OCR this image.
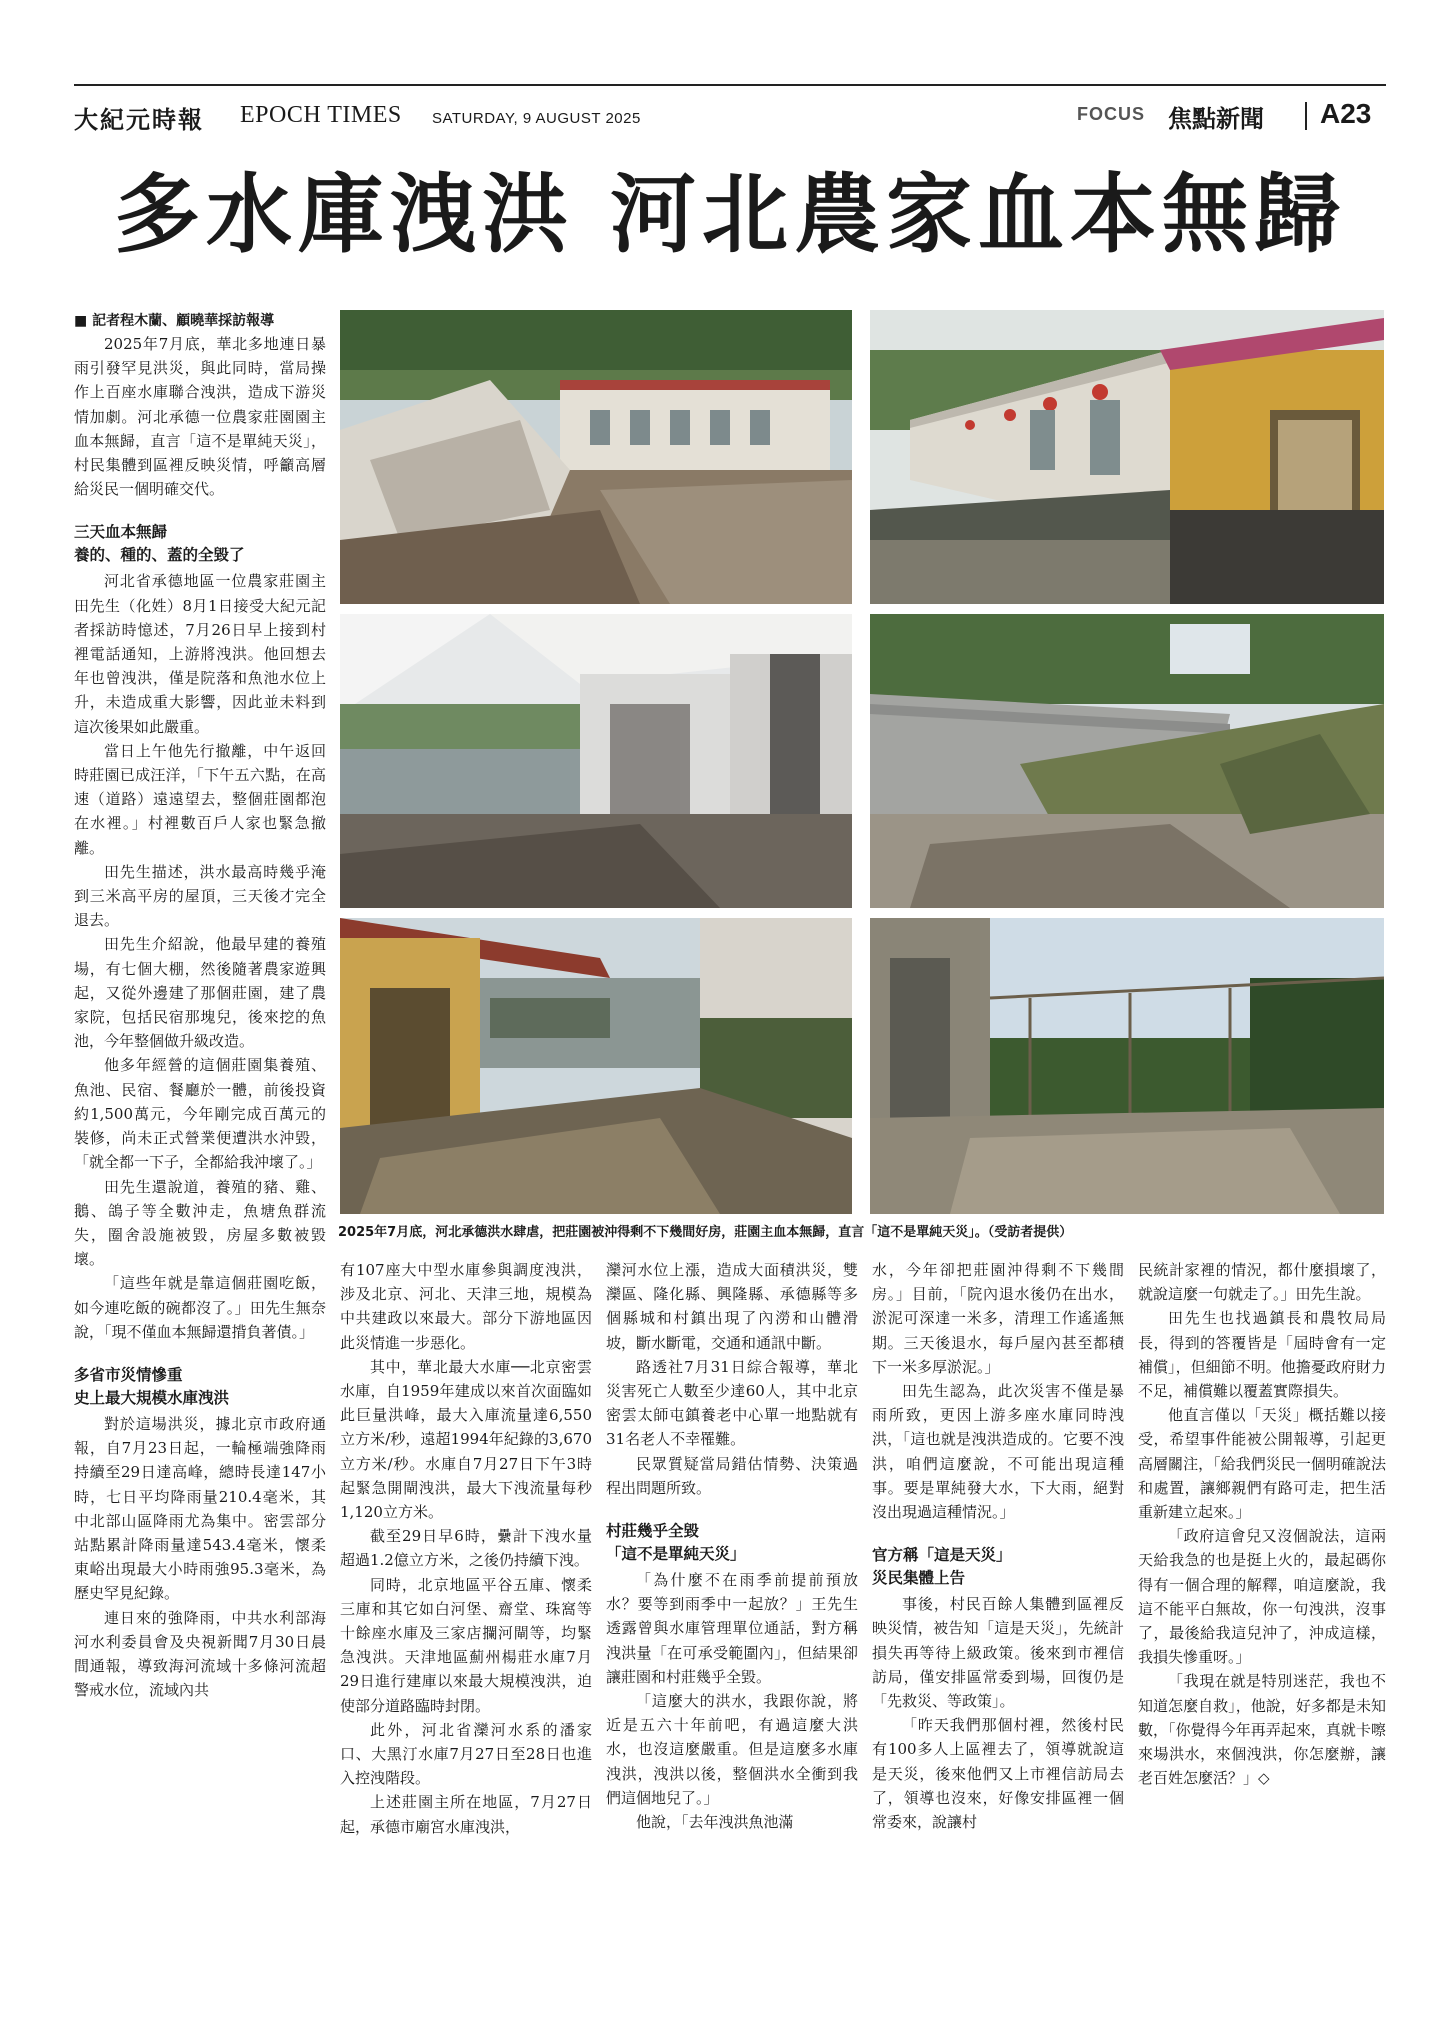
大紀元時報 EPOCH TIMES SATURDAY, 9 AUGUST 2025	FOCUS 焦點新聞 A23
多水庫洩洪 河北農家血本無歸
2025年7月底，河北承德洪水肆虐，把莊園被沖得剩不下幾間好房，莊園主血本無歸，直言「這不是單純天災」。（受訪者提供）
■ 記者程木蘭、顧曉華採訪報導

2025年7月底，華北多地連日暴雨引發罕見洪災，與此同時，當局操作上百座水庫聯合洩洪，造成下游災情加劇。河北承德一位農家莊園園主血本無歸，直言「這不是單純天災」，村民集體到區裡反映災情，呼籲高層給災民一個明確交代。

三天血本無歸
養的、種的、蓋的全毀了

河北省承德地區一位農家莊園主田先生（化姓）8月1日接受大紀元記者採訪時憶述，7月26日早上接到村裡電話通知，上游將洩洪。他回想去年也曾洩洪，僅是院落和魚池水位上升，未造成重大影響，因此並未料到這次後果如此嚴重。

當日上午他先行撤離，中午返回時莊園已成汪洋，「下午五六點，在高速（道路）遠遠望去，整個莊園都泡在水裡。」村裡數百戶人家也緊急撤離。

田先生描述，洪水最高時幾乎淹到三米高平房的屋頂，三天後才完全退去。

田先生介紹說，他最早建的養殖場，有七個大棚，然後隨著農家遊興起，又從外邊建了那個莊園，建了農家院，包括民宿那塊兒，後來挖的魚池，今年整個做升級改造。

他多年經營的這個莊園集養殖、魚池、民宿、餐廳於一體，前後投資約1,500萬元，今年剛完成百萬元的裝修，尚未正式營業便遭洪水沖毀，「就全都一下子，全都給我沖壞了。」

田先生還說道，養殖的豬、雞、鵝、鴿子等全數沖走，魚塘魚群流失，圈舍設施被毀，房屋多數被毀壞。

「這些年就是靠這個莊園吃飯，如今連吃飯的碗都沒了。」田先生無奈說，「現不僅血本無歸還揹負著債。」

多省市災情慘重
史上最大規模水庫洩洪

對於這場洪災，據北京市政府通報，自7月23日起，一輪極端強降雨持續至29日達高峰，總時長達147小時，七日平均降雨量210.4毫米，其中北部山區降雨尤為集中。密雲部分站點累計降雨量達543.4毫米，懷柔東峪出現最大小時雨強95.3毫米，為歷史罕見紀錄。

連日來的強降雨，中共水利部海河水利委員會及央視新聞7月30日晨間通報，導致海河流域十多條河流超警戒水位，流域內共

有107座大中型水庫參與調度洩洪，涉及北京、河北、天津三地，規模為中共建政以來最大。部分下游地區因此災情進一步惡化。

其中，華北最大水庫──北京密雲水庫，自1959年建成以來首次面臨如此巨量洪峰，最大入庫流量達6,550立方米/秒，遠超1994年紀錄的3,670立方米/秒。水庫自7月27日下午3時起緊急開閘洩洪，最大下洩流量每秒1,120立方米。

截至29日早6時，纍計下洩水量超過1.2億立方米，之後仍持續下洩。

同時，北京地區平谷五庫、懷柔三庫和其它如白河堡、齋堂、珠窩等十餘座水庫及三家店攔河閘等，均緊急洩洪。天津地區薊州楊莊水庫7月29日進行建庫以來最大規模洩洪，迫使部分道路臨時封閉。

此外，河北省灤河水系的潘家口、大黑汀水庫7月27日至28日也進入控洩階段。

上述莊園主所在地區，7月27日起，承德市廟宮水庫洩洪，

灤河水位上漲，造成大面積洪災，雙灤區、隆化縣、興隆縣、承德縣等多個縣城和村鎮出現了內澇和山體滑坡，斷水斷電，交通和通訊中斷。

路透社7月31日綜合報導，華北災害死亡人數至少達60人，其中北京密雲太師屯鎮養老中心單一地點就有31名老人不幸罹難。

民眾質疑當局錯估情勢、決策過程出問題所致。

村莊幾乎全毀
「這不是單純天災」

「為什麼不在雨季前提前預放水？要等到雨季中一起放？」王先生透露曾與水庫管理單位通話，對方稱洩洪量「在可承受範圍內」，但結果卻讓莊園和村莊幾乎全毀。

「這麼大的洪水，我跟你說，將近是五六十年前吧，有過這麼大洪水，也沒這麼嚴重。但是這麼多水庫洩洪，洩洪以後，整個洪水全衝到我們這個地兒了。」

他說，「去年洩洪魚池滿

水，今年卻把莊園沖得剩不下幾間房。」目前，「院內退水後仍在出水，淤泥可深達一米多，清理工作遙遙無期。三天後退水，每戶屋內甚至都積下一米多厚淤泥。」

田先生認為，此次災害不僅是暴雨所致，更因上游多座水庫同時洩洪，「這也就是洩洪造成的。它要不洩洪，咱們這麼說，不可能出現這種事。要是單純發大水，下大雨，絕對沒出現過這種情況。」

官方稱「這是天災」
災民集體上告

事後，村民百餘人集體到區裡反映災情，被告知「這是天災」，先統計損失再等待上級政策。後來到市裡信訪局，僅安排區常委到場，回復仍是「先救災、等政策」。

「昨天我們那個村裡，然後村民有100多人上區裡去了，領導就說這是天災，後來他們又上市裡信訪局去了，領導也沒來，好像安排區裡一個常委來，說讓村

民統計家裡的情況，都什麼損壞了，就說這麼一句就走了。」田先生說。

田先生也找過鎮長和農牧局局長，得到的答覆皆是「屆時會有一定補償」，但細節不明。他擔憂政府財力不足，補償難以覆蓋實際損失。

他直言僅以「天災」概括難以接受，希望事件能被公開報導，引起更高層關注，「給我們災民一個明確說法和處置，讓鄉親們有路可走，把生活重新建立起來。」

「政府這會兒又沒個說法，這兩天給我急的也是挺上火的，最起碼你得有一個合理的解釋，咱這麼說，我這不能平白無故，你一句洩洪，沒事了，最後給我這兒沖了，沖成這樣，我損失慘重呀。」

「我現在就是特別迷茫，我也不知道怎麼自救」，他說，好多都是未知數，「你覺得今年再弄起來，真就卡嚓來場洪水，來個洩洪，你怎麼辦，讓老百姓怎麼活？」◇
